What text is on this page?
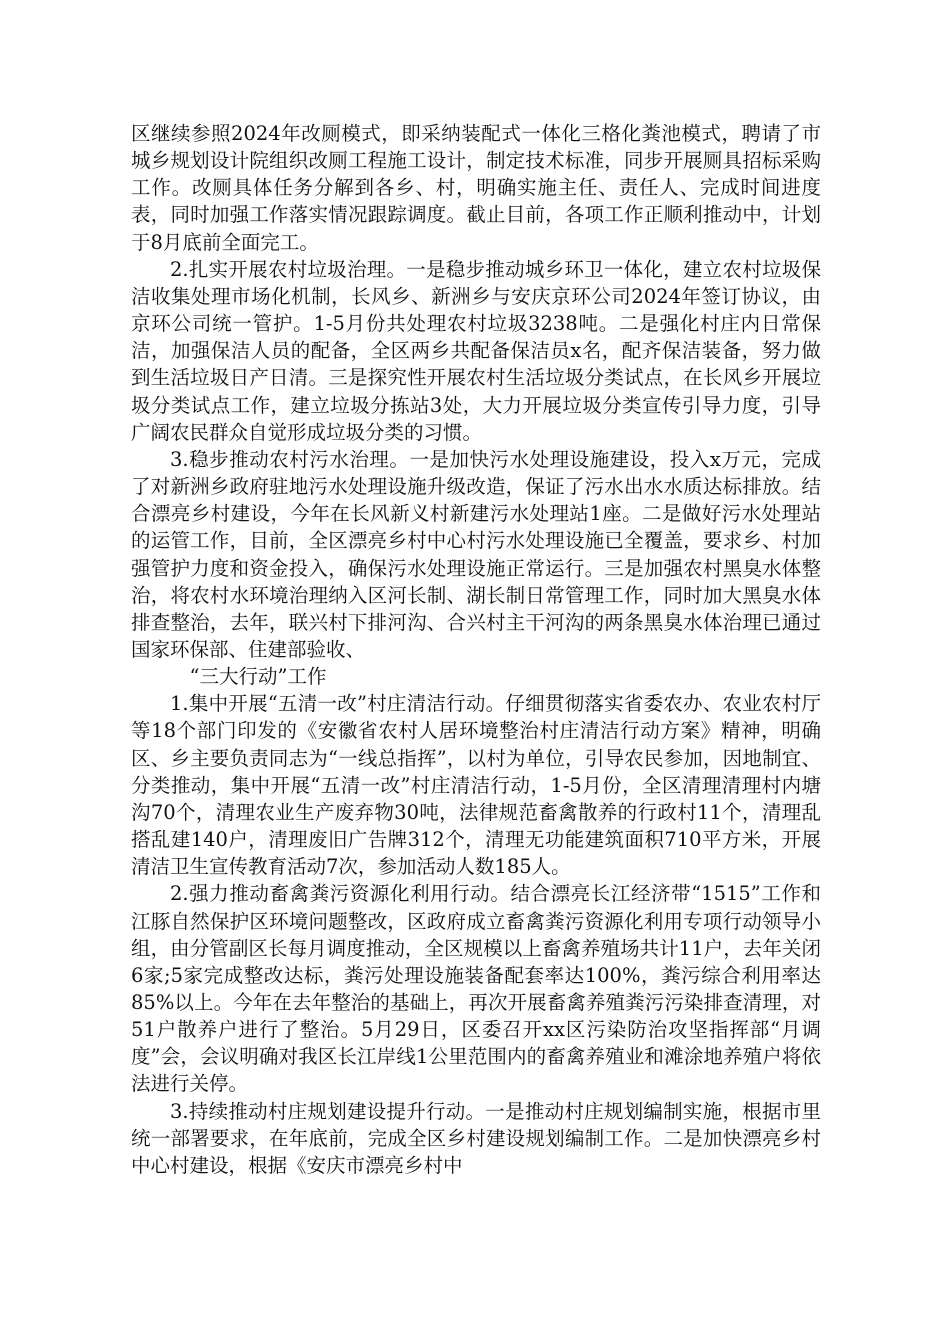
区继续参照2024年改厕模式，即采纳装配式一体化三格化粪池模式，聘请了市城乡规划设计院组织改厕工程施工设计，制定技术标准，同步开展厕具招标采购工作。改厕具体任务分解到各乡、村，明确实施主任、责任人、完成时间进度表，同时加强工作落实情况跟踪调度。截止目前，各项工作正顺利推动中，计划于8月底前全面完工。

2.扎实开展农村垃圾治理。一是稳步推动城乡环卫一体化，建立农村垃圾保洁收集处理市场化机制，长风乡、新洲乡与安庆京环公司2024年签订协议，由京环公司统一管护。1-5月份共处理农村垃圾3238吨。二是强化村庄内日常保洁，加强保洁人员的配备，全区两乡共配备保洁员x名，配齐保洁装备，努力做到生活垃圾日产日清。三是探究性开展农村生活垃圾分类试点，在长风乡开展垃圾分类试点工作，建立垃圾分拣站3处，大力开展垃圾分类宣传引导力度，引导广阔农民群众自觉形成垃圾分类的习惯。

3.稳步推动农村污水治理。一是加快污水处理设施建设，投入x万元，完成了对新洲乡政府驻地污水处理设施升级改造，保证了污水出水水质达标排放。结合漂亮乡村建设，今年在长风新义村新建污水处理站1座。二是做好污水处理站的运管工作，目前，全区漂亮乡村中心村污水处理设施已全覆盖，要求乡、村加强管护力度和资金投入，确保污水处理设施正常运行。三是加强农村黑臭水体整治，将农村水环境治理纳入区河长制、湖长制日常管理工作，同时加大黑臭水体排查整治，去年，联兴村下排河沟、合兴村主干河沟的两条黑臭水体治理已通过国家环保部、住建部验收、

“三大行动”工作

1.集中开展“五清一改”村庄清洁行动。仔细贯彻落实省委农办、农业农村厅等18个部门印发的《安徽省农村人居环境整治村庄清洁行动方案》精神，明确区、乡主要负责同志为“一线总指挥”，以村为单位，引导农民参加，因地制宜、分类推动，集中开展“五清一改”村庄清洁行动，1-5月份，全区清理清理村内塘沟70个，清理农业生产废弃物30吨，法律规范畜禽散养的行政村11个，清理乱搭乱建140户，清理废旧广告牌312个，清理无功能建筑面积710平方米，开展清洁卫生宣传教育活动7次，参加活动人数185人。

2.强力推动畜禽粪污资源化利用行动。结合漂亮长江经济带“1515”工作和江豚自然保护区环境问题整改，区政府成立畜禽粪污资源化利用专项行动领导小组，由分管副区长每月调度推动，全区规模以上畜禽养殖场共计11户，去年关闭6家;5家完成整改达标，粪污处理设施装备配套率达100%，粪污综合利用率达85%以上。今年在去年整治的基础上，再次开展畜禽养殖粪污污染排查清理，对51户散养户进行了整治。5月29日，区委召开xx区污染防治攻坚指挥部“月调度”会，会议明确对我区长江岸线1公里范围内的畜禽养殖业和滩涂地养殖户将依法进行关停。

3.持续推动村庄规划建设提升行动。一是推动村庄规划编制实施，根据市里统一部署要求，在年底前，完成全区乡村建设规划编制工作。二是加快漂亮乡村中心村建设，根据《安庆市漂亮乡村中
